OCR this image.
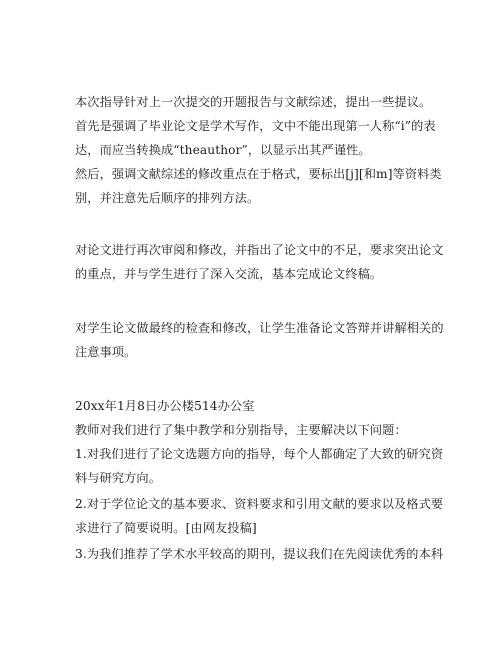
本次指导针对上一次提交的开题报告与文献综述，提出一些提议。
首先是强调了毕业论文是学术写作，文中不能出现第一人称“i”的表
达，而应当转换成“theauthor”，以显示出其严谨性。
然后，强调文献综述的修改重点在于格式，要标出[j][和m]等资料类
别，并注意先后顺序的排列方法。
对论文进行再次审阅和修改，并指出了论文中的不足，要求突出论文
的重点，并与学生进行了深入交流，基本完成论文终稿。
对学生论文做最终的检查和修改，让学生准备论文答辩并讲解相关的
注意事项。
20xx年1月8日办公楼514办公室
教师对我们进行了集中教学和分别指导，主要解决以下问题：
1.对我们进行了论文选题方向的指导，每个人都确定了大致的研究资
料与研究方向。
2.对于学位论文的基本要求、资料要求和引用文献的要求以及格式要
求进行了简要说明。[由网友投稿]
3.为我们推荐了学术水平较高的期刊，提议我们在先阅读优秀的本科
